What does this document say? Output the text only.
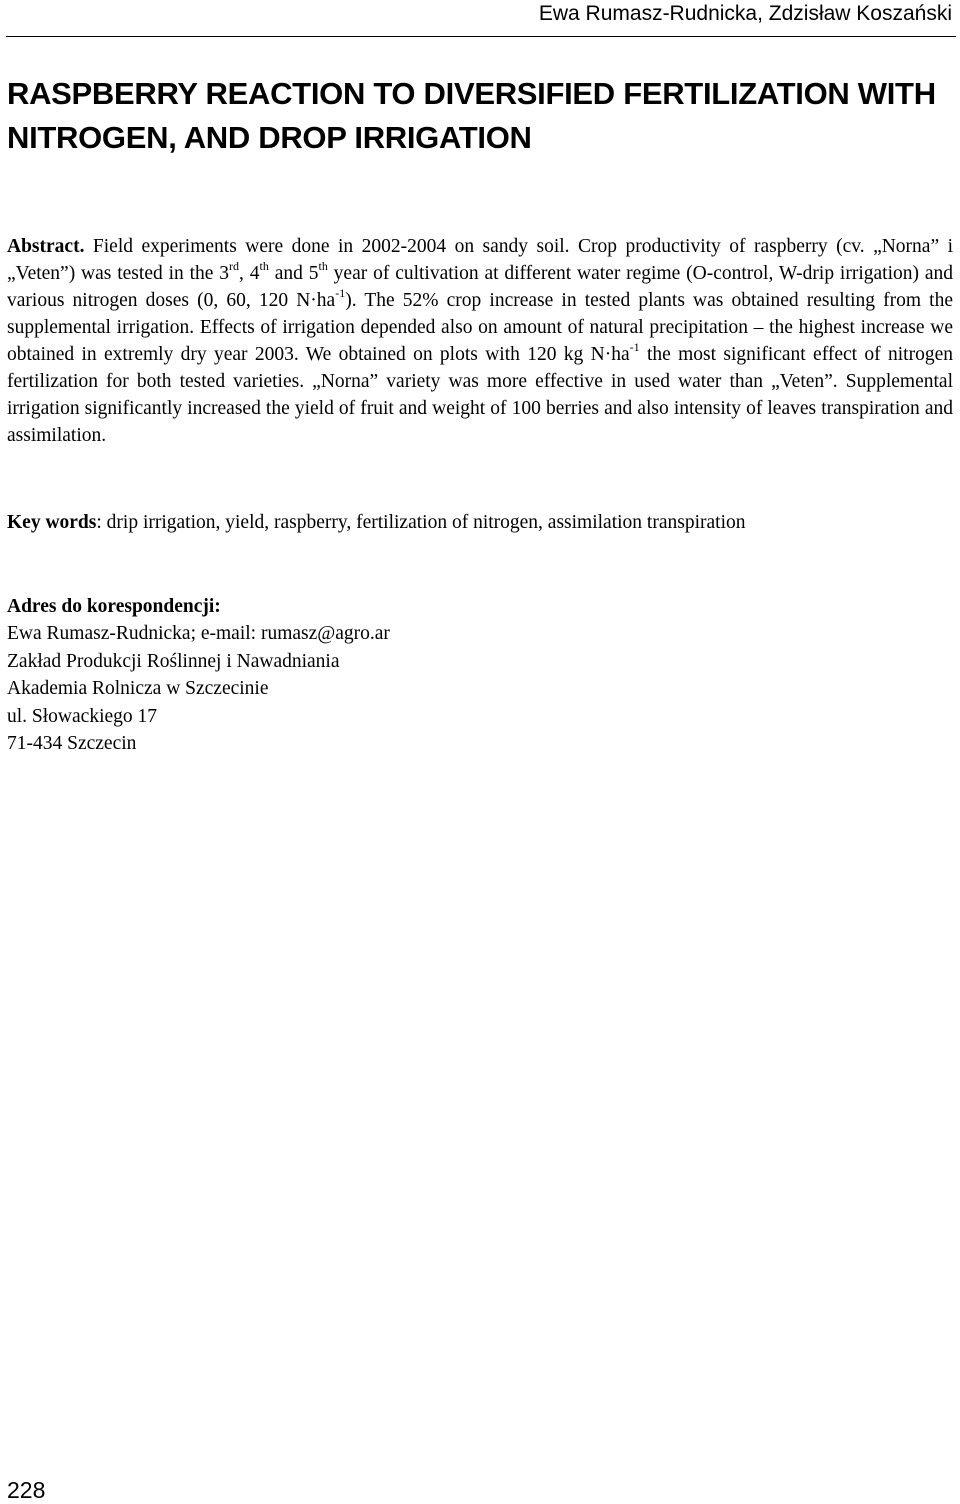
Ewa Rumasz-Rudnicka, Zdzisław Koszański
RASPBERRY REACTION TO DIVERSIFIED FERTILIZATION WITH NITROGEN, AND DROP IRRIGATION

Abstract. Field experiments were done in 2002-2004 on sandy soil. Crop productivity of raspberry (cv. „Norna” i „Veten”) was tested in the 3rd, 4th and 5th year of cultivation at different water regime (O-control, W-drip irrigation) and various nitrogen doses (0, 60, 120 $N\cdot ha^{-1}$). The 52% crop increase in tested plants was obtained resulting from the supplemental irrigation. Effects of irrigation depended also on amount of natural precipitation – the highest increase we obtained in extremly dry year 2003. We obtained on plots with 120 kg $N\cdot ha^{-1}$ the most significant effect of nitrogen fertilization for both tested varieties. „Norna” variety was more effective in used water than „Veten”. Supplemental irrigation significantly increased the yield of fruit and weight of 100 berries and also intensity of leaves transpiration and assimilation.

Key words: drip irrigation, yield, raspberry, fertilization of nitrogen, assimilation transpiration

Adres do korespondencji:
Ewa Rumasz-Rudnicka; e-mail: rumasz@agro.ar
Zakład Produkcji Roślinnej i Nawadniania
Akademia Rolnicza w Szczecinie
ul. Słowackiego 17
71-434 Szczecin
228
